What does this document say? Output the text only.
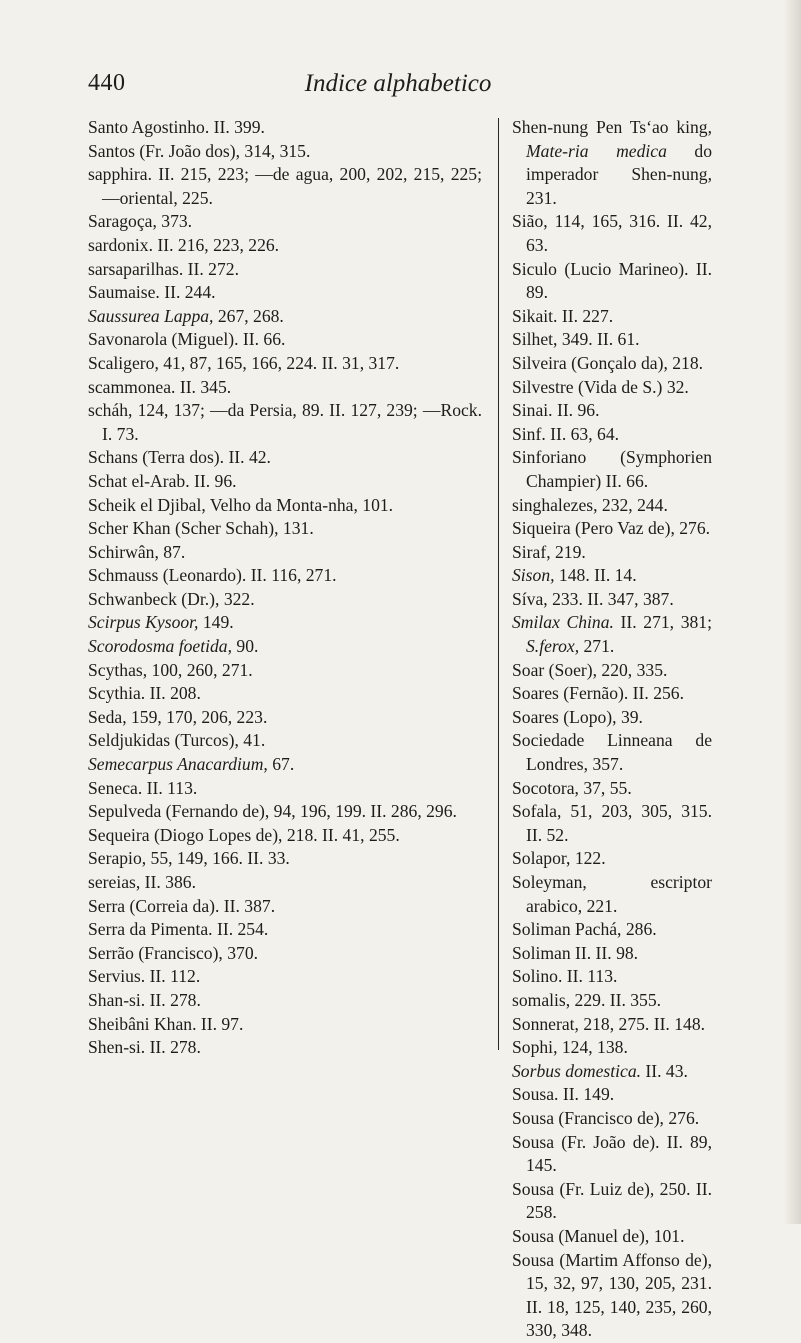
440	Indice alphabetico

Santo Agostinho. II. 399.

Santos (Fr. João dos), 314, 315.

sapphira. II. 215, 223; —de agua, 200, 202, 215, 225; —oriental, 225.

Saragoça, 373.

sardonix. II. 216, 223, 226.

sarsaparilhas. II. 272.

Saumaise. II. 244.

Saussurea Lappa, 267, 268.

Savonarola (Miguel). II. 66.

Scaligero, 41, 87, 165, 166, 224. II. 31, 317.

scammonea. II. 345.

scháh, 124, 137; —da Persia, 89. II. 127, 239; —Rock. I. 73.

Schans (Terra dos). II. 42.

Schat el-Arab. II. 96.

Scheik el Djibal, Velho da Monta-nha, 101.

Scher Khan (Scher Schah), 131.

Schirwân, 87.

Schmauss (Leonardo). II. 116, 271.

Schwanbeck (Dr.), 322.

Scirpus Kysoor, 149.

Scorodosma foetida, 90.

Scythas, 100, 260, 271.

Scythia. II. 208.

Seda, 159, 170, 206, 223.

Seldjukidas (Turcos), 41.

Semecarpus Anacardium, 67.

Seneca. II. 113.

Sepulveda (Fernando de), 94, 196, 199. II. 286, 296.

Sequeira (Diogo Lopes de), 218. II. 41, 255.

Serapio, 55, 149, 166. II. 33.

sereias, II. 386.

Serra (Correia da). II. 387.

Serra da Pimenta. II. 254.

Serrão (Francisco), 370.

Servius. II. 112.

Shan-si. II. 278.

Sheibâni Khan. II. 97.

Shen-si. II. 278.

Shen-nung Pen Ts‘ao king, Mate-ria medica do imperador Shen-nung, 231.

Sião, 114, 165, 316. II. 42, 63.

Siculo (Lucio Marineo). II. 89.

Sikait. II. 227.

Silhet, 349. II. 61.

Silveira (Gonçalo da), 218.

Silvestre (Vida de S.) 32.

Sinai. II. 96.

Sinf. II. 63, 64.

Sinforiano (Symphorien Champier) II. 66.

singhalezes, 232, 244.

Siqueira (Pero Vaz de), 276.

Siraf, 219.

Sison, 148. II. 14.

Síva, 233. II. 347, 387.

Smilax China. II. 271, 381; S.ferox, 271.

Soar (Soer), 220, 335.

Soares (Fernão). II. 256.

Soares (Lopo), 39.

Sociedade Linneana de Londres, 357.

Socotora, 37, 55.

Sofala, 51, 203, 305, 315. II. 52.

Solapor, 122.

Soleyman, escriptor arabico, 221.

Soliman Pachá, 286.

Soliman II. II. 98.

Solino. II. 113.

somalis, 229. II. 355.

Sonnerat, 218, 275. II. 148.

Sophi, 124, 138.

Sorbus domestica. II. 43.

Sousa. II. 149.

Sousa (Francisco de), 276.

Sousa (Fr. João de). II. 89, 145.

Sousa (Fr. Luiz de), 250. II. 258.

Sousa (Manuel de), 101.

Sousa (Martim Affonso de), 15, 32, 97, 130, 205, 231. II. 18, 125, 140, 235, 260, 330, 348.
